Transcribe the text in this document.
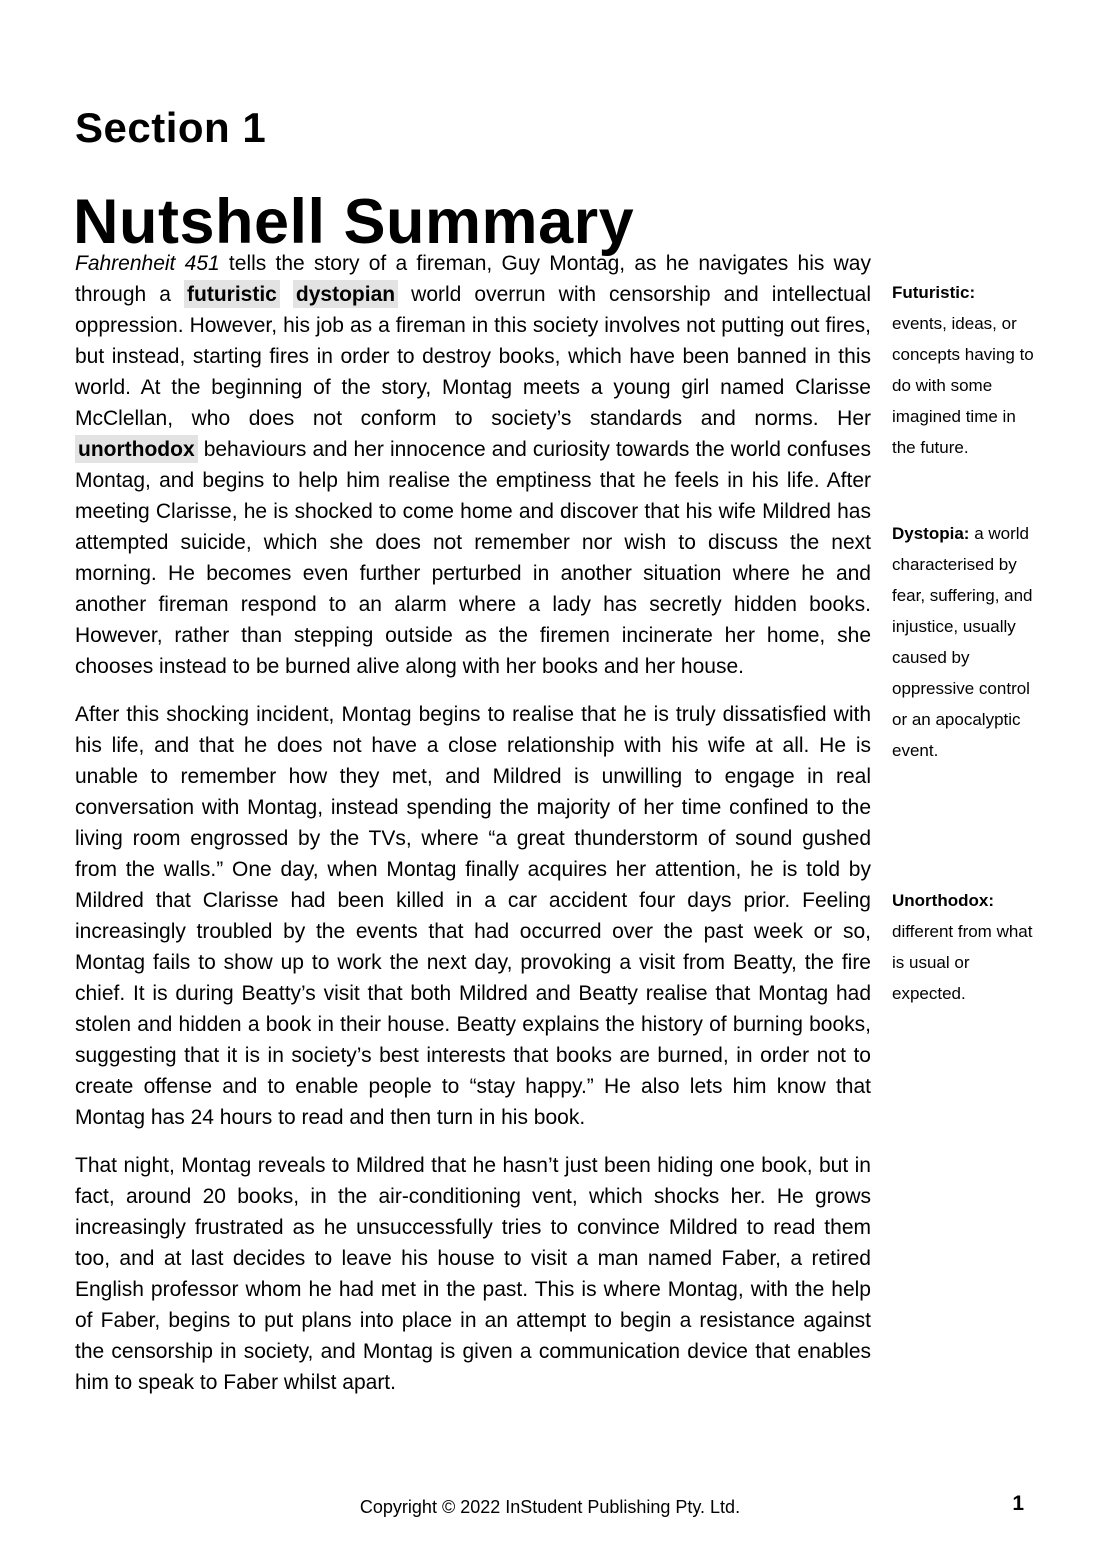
Section 1
Nutshell Summary

Fahrenheit 451 tells the story of a fireman, Guy Montag, as he navigates his way through a futuristic dystopian world overrun with censorship and intellectual oppression. However, his job as a fireman in this society involves not putting out fires, but instead, starting fires in order to destroy books, which have been banned in this world. At the beginning of the story, Montag meets a young girl named Clarisse McClellan, who does not conform to society’s standards and norms. Her unorthodox behaviours and her innocence and curiosity towards the world confuses Montag, and begins to help him realise the emptiness that he feels in his life. After meeting Clarisse, he is shocked to come home and discover that his wife Mildred has attempted suicide, which she does not remember nor wish to discuss the next morning. He becomes even further perturbed in another situation where he and another fireman respond to an alarm where a lady has secretly hidden books. However, rather than stepping outside as the firemen incinerate her home, she chooses instead to be burned alive along with her books and her house.

After this shocking incident, Montag begins to realise that he is truly dissatisfied with his life, and that he does not have a close relationship with his wife at all. He is unable to remember how they met, and Mildred is unwilling to engage in real conversation with Montag, instead spending the majority of her time confined to the living room engrossed by the TVs, where “a great thunderstorm of sound gushed from the walls.” One day, when Montag finally acquires her attention, he is told by Mildred that Clarisse had been killed in a car accident four days prior. Feeling increasingly troubled by the events that had occurred over the past week or so, Montag fails to show up to work the next day, provoking a visit from Beatty, the fire chief. It is during Beatty’s visit that both Mildred and Beatty realise that Montag had stolen and hidden a book in their house. Beatty explains the history of burning books, suggesting that it is in society’s best interests that books are burned, in order not to create offense and to enable people to “stay happy.” He also lets him know that Montag has 24 hours to read and then turn in his book.

That night, Montag reveals to Mildred that he hasn’t just been hiding one book, but in fact, around 20 books, in the air-conditioning vent, which shocks her. He grows increasingly frustrated as he unsuccessfully tries to convince Mildred to read them too, and at last decides to leave his house to visit a man named Faber, a retired English professor whom he had met in the past. This is where Montag, with the help of Faber, begins to put plans into place in an attempt to begin a resistance against the censorship in society, and Montag is given a communication device that enables him to speak to Faber whilst apart.

Futuristic: events, ideas, or concepts having to do with some imagined time in the future.
Dystopia: a world characterised by fear, suffering, and injustice, usually caused by oppressive control or an apocalyptic event.
Unorthodox: different from what is usual or expected.
Copyright © 2022 InStudent Publishing Pty. Ltd.	1
